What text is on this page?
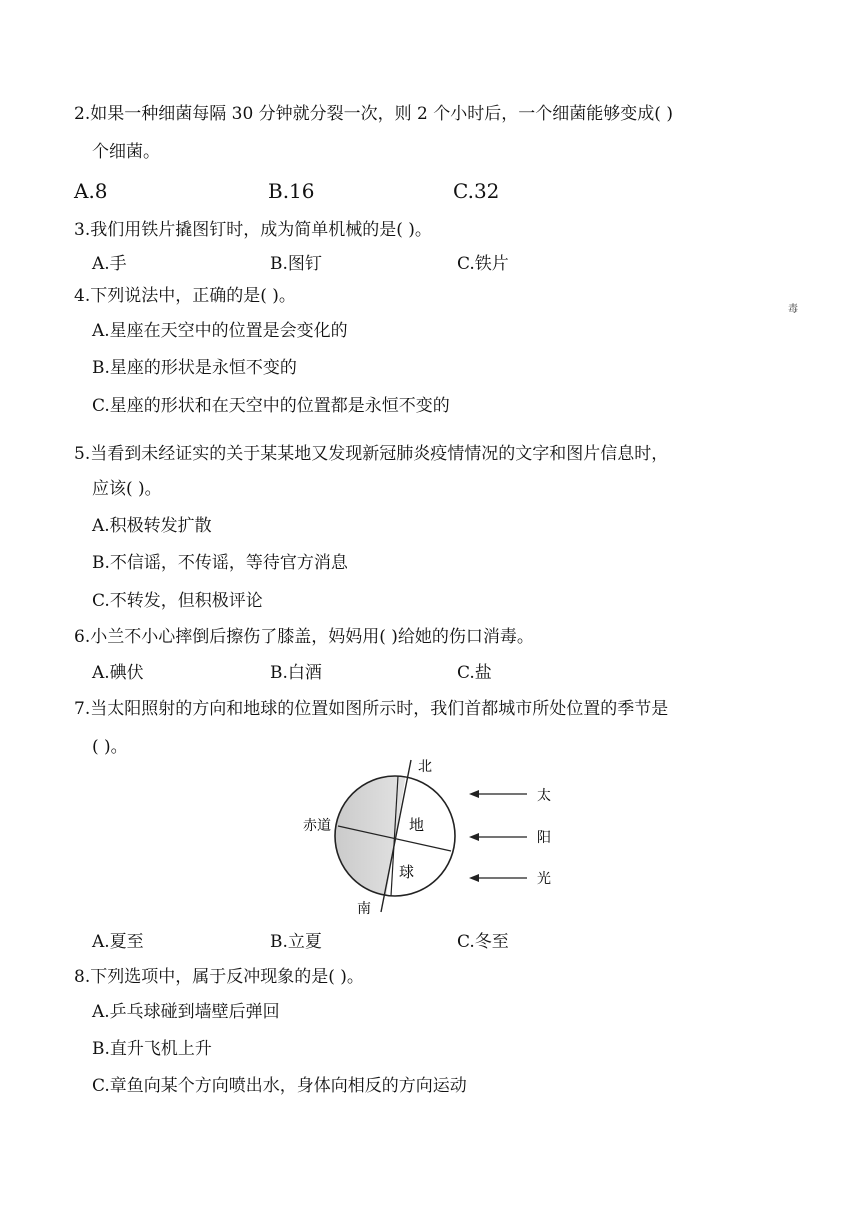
2.如果一种细菌每隔 30 分钟就分裂一次，则 2 个小时后，一个细菌能够变成( )
个细菌。
A.8	B.16	C.32
3.我们用铁片撬图钉时，成为简单机械的是( )。
A.手	B.图钉	C.铁片
毒
4.下列说法中，正确的是( )。
A.星座在天空中的位置是会变化的
B.星座的形状是永恒不变的
C.星座的形状和在天空中的位置都是永恒不变的
5.当看到未经证实的关于某某地又发现新冠肺炎疫情情况的文字和图片信息时，
应该( )。
A.积极转发扩散
B.不信谣，不传谣，等待官方消息
C.不转发，但积极评论
6.小兰不小心摔倒后擦伤了膝盖，妈妈用( )给她的伤口消毒。
A.碘伏	B.白酒	C.盐
7.当太阳照射的方向和地球的位置如图所示时，我们首都城市所处位置的季节是
( )。
北
南
赤道	地
球
太
阳
光
A.夏至	B.立夏	C.冬至
8.下列选项中，属于反冲现象的是( )。
A.乒乓球碰到墙壁后弹回
B.直升飞机上升
C.章鱼向某个方向喷出水，身体向相反的方向运动
